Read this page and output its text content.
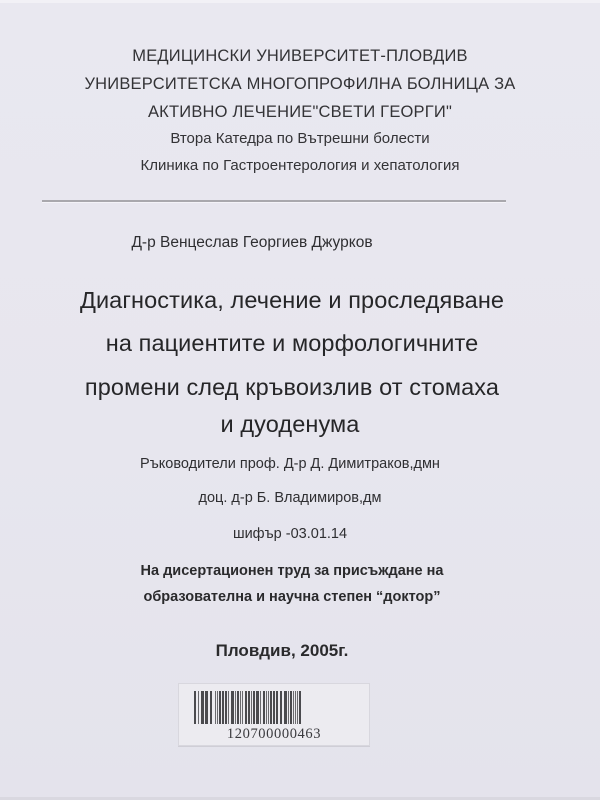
МЕДИЦИНСКИ УНИВЕРСИТЕТ-ПЛОВДИВ
УНИВЕРСИТЕТСКА МНОГОПРОФИЛНА БОЛНИЦА ЗА
АКТИВНО ЛЕЧЕНИЕ"СВЕТИ ГЕОРГИ"
Втора Катедра по Вътрешни болести
Клиника по Гастроентерология и хепатология
Д-р Венцеслав Георгиев Джурков
Диагностика, лечение и проследяване
на пациентите и морфологичните
промени след кръвоизлив от стомаха
и дуоденума
Ръководители проф. Д-р Д. Димитраков,дмн
доц. д-р Б. Владимиров,дм
шифър -03.01.14
На дисертационен труд за присъждане на
образователна и научна степен “доктор”
Пловдив, 2005г.
120700000463
